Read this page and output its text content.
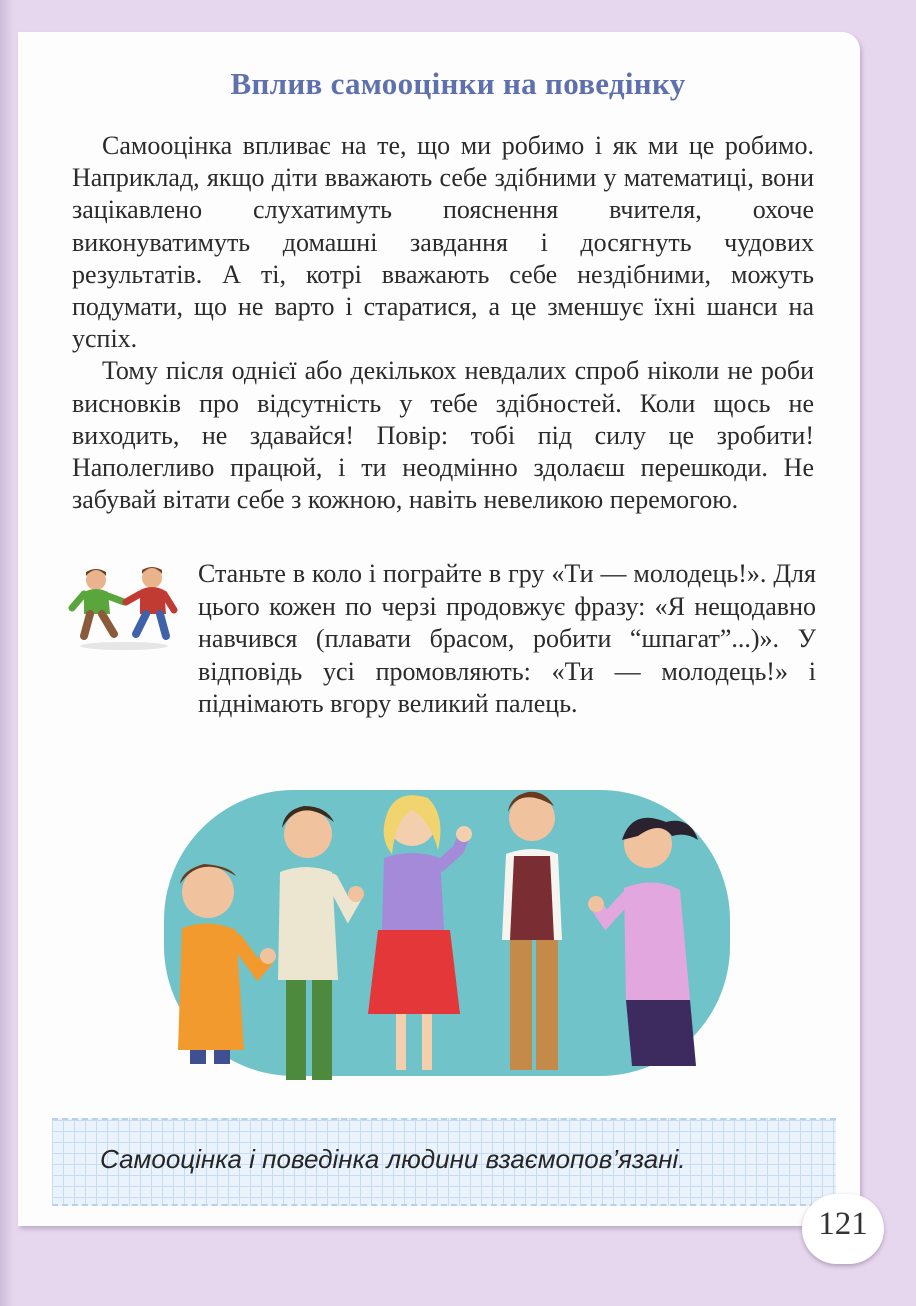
Вплив самооцінки на поведінку

Самооцінка впливає на те, що ми робимо і як ми це робимо. Наприклад, якщо діти вважають себе здібними у математиці, вони зацікавлено слухатимуть пояснення вчителя, охоче виконуватимуть домашні завдання і досягнуть чудових результатів. А ті, котрі вважають себе нездібними, можуть подумати, що не варто і старатися, а це зменшує їхні шанси на успіх.

Тому після однієї або декількох невдалих спроб ніколи не роби висновків про відсутність у тебе здібностей. Коли щось не виходить, не здавайся! Повір: тобі під силу це зробити! Наполегливо працюй, і ти неодмінно здолаєш перешкоди. Не забувай вітати себе з кожною, навіть невеликою перемогою.

Станьте в коло і пограйте в гру «Ти — молодець!». Для цього кожен по черзі продовжує фразу: «Я нещодавно навчився (плавати брасом, робити “шпагат”...)». У відповідь усі промовляють: «Ти — молодець!» і піднімають вгору великий палець.

Самооцінка і поведінка людини взаємопов’язані.

121
